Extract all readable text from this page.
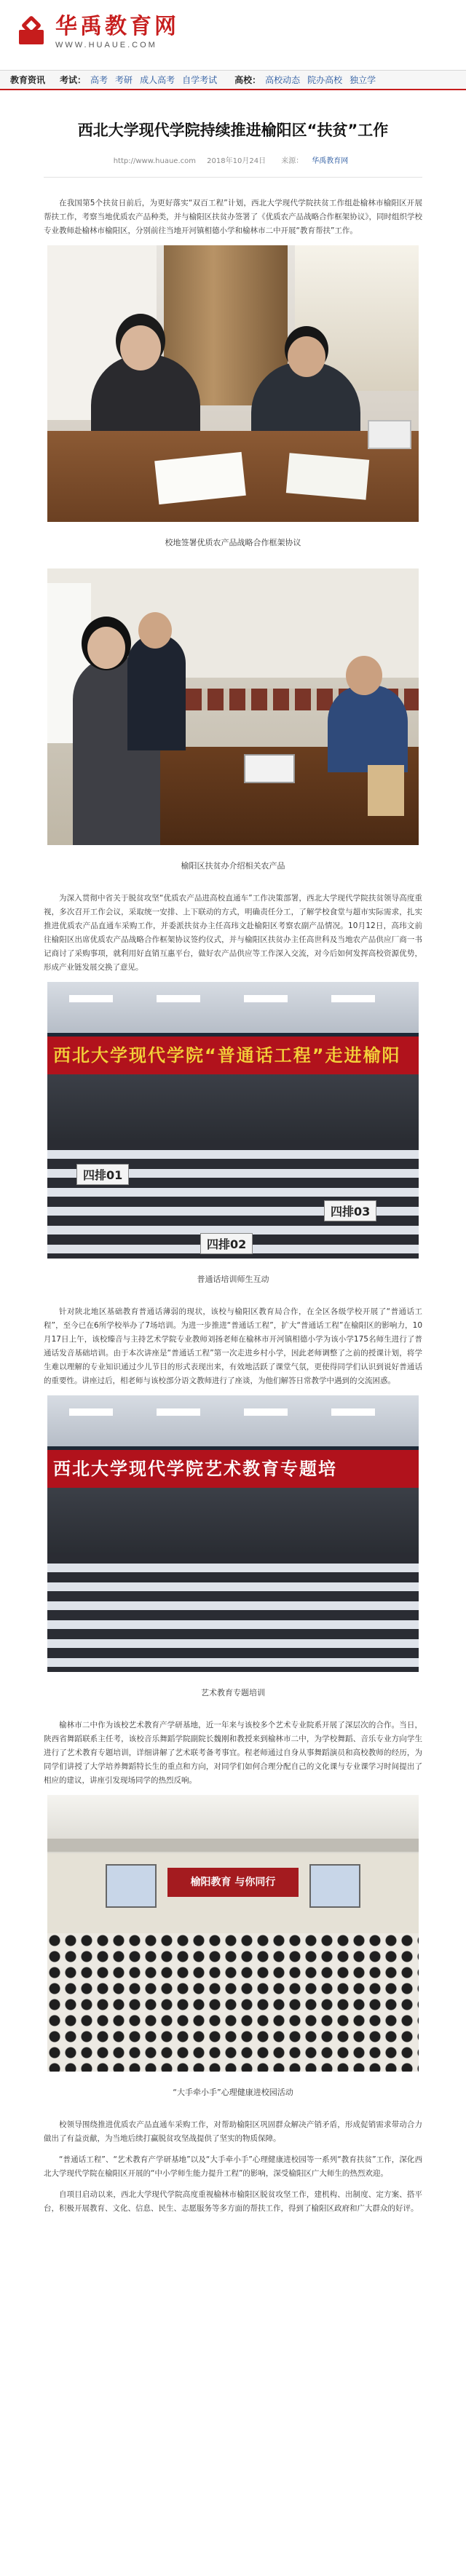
华禹教育网
WWW.HUAUE.COM
教育资讯 考试： 高考 考研 成人高考 自学考试 高校： 高校动态 院办高校 独立学
西北大学现代学院持续推进榆阳区“扶贫”工作
http://www.huaue.com 2018年10月24日 来源： 华禹教育网

在我国第5个扶贫日前后，为更好落实“双百工程”计划，西北大学现代学院扶贫工作组赴榆林市榆阳区开展帮扶工作，考察当地优质农产品种类，并与榆阳区扶贫办签署了《优质农产品战略合作框架协议》，同时组织学校专业教师赴榆林市榆阳区，分别前往当地开河镇相德小学和榆林市二中开展“教育帮扶”工作。

校地签署优质农产品战略合作框架协议
榆阳区扶贫办介绍相关农产品

为深入贯彻中省关于脱贫攻坚“优质农产品进高校直通车”工作决策部署，西北大学现代学院扶贫领导高度重视，多次召开工作会议，采取统一安排、上下联动的方式，明确责任分工，了解学校食堂与超市实际需求，扎实推进优质农产品直通车采购工作，并委派扶贫办主任高玮文赴榆阳区考察农副产品情况。10月12日，高玮文前往榆阳区出席优质农产品战略合作框架协议签约仪式，并与榆阳区扶贫办主任高世科及当地农产品供应厂商一书记商讨了采购事项，就利用好直销互惠平台，做好农产品供应等工作深入交流，对今后如何发挥高校资源优势，形成产业链发展交换了意见。

西北大学现代学院“普通话工程”走进榆阳
四排01
四排02
四排03
普通话培训师生互动

针对陕北地区基础教育普通话薄弱的现状，该校与榆阳区教育局合作，在全区各级学校开展了“普通话工程”，至今已在6所学校举办了7场培训。为进一步推进“普通话工程”，扩大“普通话工程”在榆阳区的影响力，10月17日上午，该校臻音与主持艺术学院专业教师刘扬老师在榆林市开河镇相德小学为该小学175名师生进行了普通话发音基础培训。由于本次讲座是“普通话工程”第一次走进乡村小学，因此老师调整了之前的授课计划，将学生难以理解的专业知识通过少儿节目的形式表现出来，有效地活跃了课堂气氛，更使得同学们认识到说好普通话的重要性。讲座过后，相老师与该校部分语文教师进行了座谈，为他们解答日常教学中遇到的交流困惑。

西北大学现代学院艺术教育专题培
艺术教育专题培训

榆林市二中作为该校艺术教育产学研基地，近一年来与该校多个艺术专业院系开展了深层次的合作。当日，陕西省舞蹈联系主任考，该校音乐舞蹈学院副院长魏刚和教授来到榆林市二中，为学校舞蹈、音乐专业方向学生进行了艺术教育专题培训，详细讲解了艺术联考备考事宜。程老师通过自身从事舞蹈演员和高校教师的经历，为同学们讲授了大学培养舞蹈特长生的重点和方向，对同学们如何合理分配自己的文化课与专业课学习时间提出了相应的建议，讲座引发现场同学的热烈反响。

榆阳教育 与你同行
“大手牵小手”心理健康进校园活动

校领导围绕推进优质农产品直通车采购工作，对帮助榆阳区巩固群众解决产销矛盾，形成促销需求带动合力做出了有益贡献，为当地后续打赢脱贫攻坚战提供了坚实的物质保障。

“普通话工程”、“艺术教育产学研基地”以及“大手牵小手”心理健康进校园等一系列“教育扶贫”工作，深化西北大学现代学院在榆阳区开展的“中小学师生能力提升工程”的影响，深受榆阳区广大师生的热烈欢迎。

自项目启动以来，西北大学现代学院高度重视榆林市榆阳区脱贫攻坚工作，建机构、出制度、定方案、搭平台，积极开展教育、文化、信息、民生、志愿服务等多方面的帮扶工作，得到了榆阳区政府和广大群众的好评。
